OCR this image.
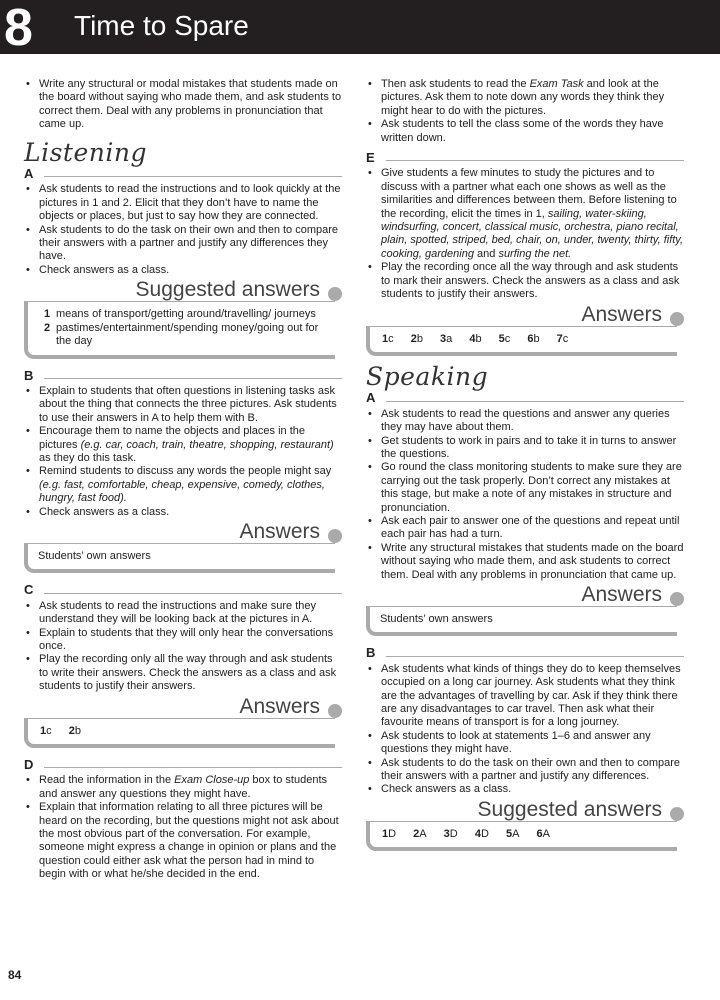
8 Time to Spare
• Write any structural or modal mistakes that students made on the board without saying who made them, and ask students to correct them. Deal with any problems in pronunciation that came up.
Listening
A
• Ask students to read the instructions and to look quickly at the pictures in 1 and 2. Elicit that they don’t have to name the objects or places, but just to say how they are connected.
• Ask students to do the task on their own and then to compare their answers with a partner and justify any differences they have.
• Check answers as a class.
Suggested answers
1 means of transport/getting around/travelling/ journeys
2 pastimes/entertainment/spending money/going out for the day
B
• Explain to students that often questions in listening tasks ask about the thing that connects the three pictures. Ask students to use their answers in A to help them with B.
• Encourage them to name the objects and places in the pictures (e.g. car, coach, train, theatre, shopping, restaurant) as they do this task.
• Remind students to discuss any words the people might say (e.g. fast, comfortable, cheap, expensive, comedy, clothes, hungry, fast food).
• Check answers as a class.
Answers
Students’ own answers
C
• Ask students to read the instructions and make sure they understand they will be looking back at the pictures in A.
• Explain to students that they will only hear the conversations once.
• Play the recording only all the way through and ask students to write their answers. Check the answers as a class and ask students to justify their answers.
Answers
1c 2b
D
• Read the information in the Exam Close-up box to students and answer any questions they might have.
• Explain that information relating to all three pictures will be heard on the recording, but the questions might not ask about the most obvious part of the conversation. For example, someone might express a change in opinion or plans and the question could either ask what the person had in mind to begin with or what he/she decided in the end.
• Then ask students to read the Exam Task and look at the pictures. Ask them to note down any words they think they might hear to do with the pictures.
• Ask students to tell the class some of the words they have written down.
E
• Give students a few minutes to study the pictures and to discuss with a partner what each one shows as well as the similarities and differences between them. Before listening to the recording, elicit the times in 1, sailing, water-skiing, windsurfing, concert, classical music, orchestra, piano recital, plain, spotted, striped, bed, chair, on, under, twenty, thirty, fifty, cooking, gardening and surfing the net.
• Play the recording once all the way through and ask students to mark their answers. Check the answers as a class and ask students to justify their answers.
Answers
1c 2b 3a 4b 5c 6b 7c
Speaking
A
• Ask students to read the questions and answer any queries they may have about them.
• Get students to work in pairs and to take it in turns to answer the questions.
• Go round the class monitoring students to make sure they are carrying out the task properly. Don’t correct any mistakes at this stage, but make a note of any mistakes in structure and pronunciation.
• Ask each pair to answer one of the questions and repeat until each pair has had a turn.
• Write any structural mistakes that students made on the board without saying who made them, and ask students to correct them. Deal with any problems in pronunciation that came up.
Answers
Students’ own answers
B
• Ask students what kinds of things they do to keep themselves occupied on a long car journey. Ask students what they think are the advantages of travelling by car. Ask if they think there are any disadvantages to car travel. Then ask what their favourite means of transport is for a long journey.
• Ask students to look at statements 1–6 and answer any questions they might have.
• Ask students to do the task on their own and then to compare their answers with a partner and justify any differences.
• Check answers as a class.
Suggested answers
1D 2A 3D 4D 5A 6A
84
